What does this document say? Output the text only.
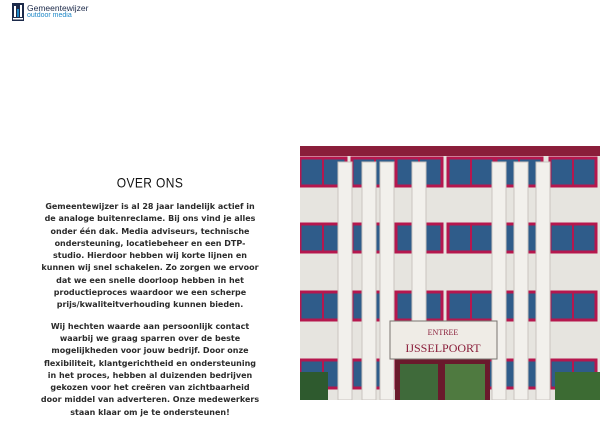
Gemeentewijzer
outdoor media
OVER ONS

Gemeentewijzer is al 28 jaar landelijk actief in de analoge buitenreclame. Bij ons vind je alles onder één dak. Media adviseurs, technische ondersteuning, locatiebeheer en een DTP-studio. Hierdoor hebben wij korte lijnen en kunnen wij snel schakelen. Zo zorgen we ervoor dat we een snelle doorloop hebben in het productieproces waardoor we een scherpe prijs/kwaliteitverhouding kunnen bieden.

Wij hechten waarde aan persoonlijk contact waarbij we graag sparren over de beste mogelijkheden voor jouw bedrijf. Door onze flexibiliteit, klantgerichtheid en ondersteuning in het proces, hebben al duizenden bedrijven gekozen voor het creëren van zichtbaarheid door middel van adverteren. Onze medewerkers staan klaar om je te ondersteunen!

ENTREE
IJSSELPOORT
